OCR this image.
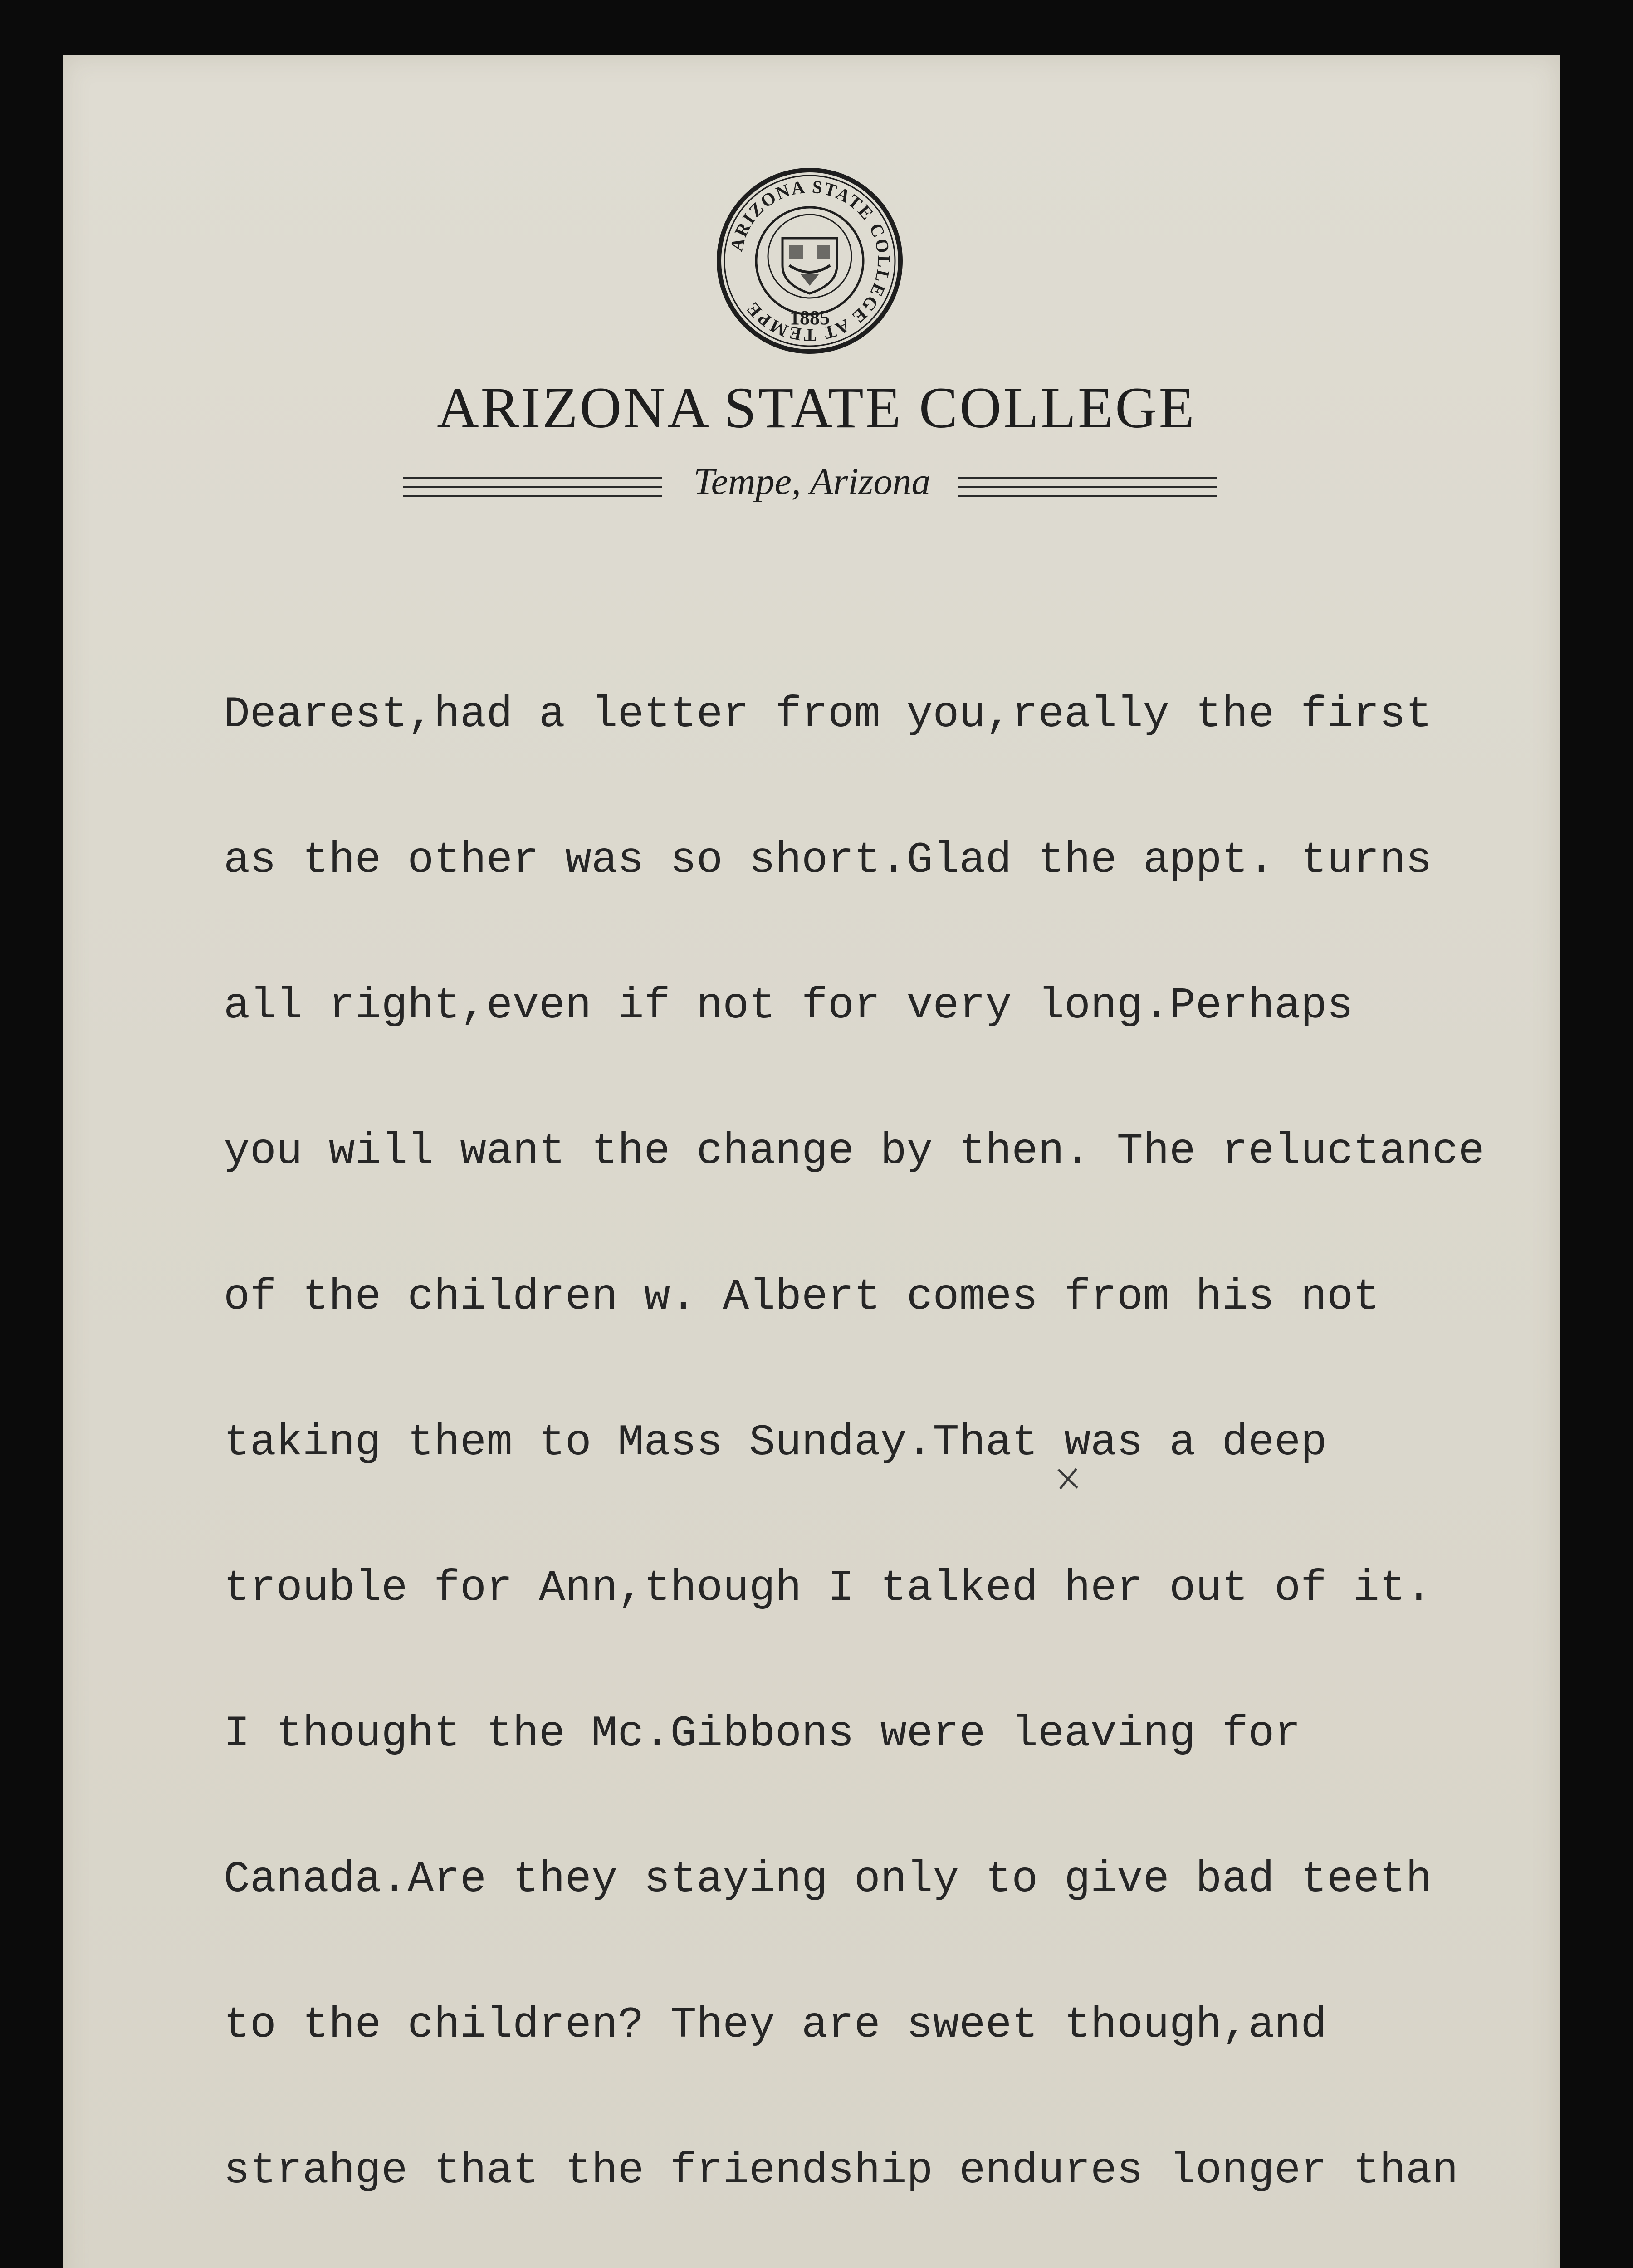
ARIZONA STATE COLLEGE AT TEMPE	1885
ARIZONA STATE COLLEGE
Tempe, Arizona

Dearest,had a letter from you,really the first

as the other was so short.Glad the appt. turns

all right,even if not for very long.Perhaps

you will want the change by then. The reluctance

of the children w. Albert comes from his not

taking them to Mass Sunday.That was a deep

trouble for Ann,though I talked her out of it.

I thought the Mc.Gibbons were leaving for

Canada.Are they staying only to give bad teeth

to the children? They are sweet though,and

strahge that the friendship endures longer than
